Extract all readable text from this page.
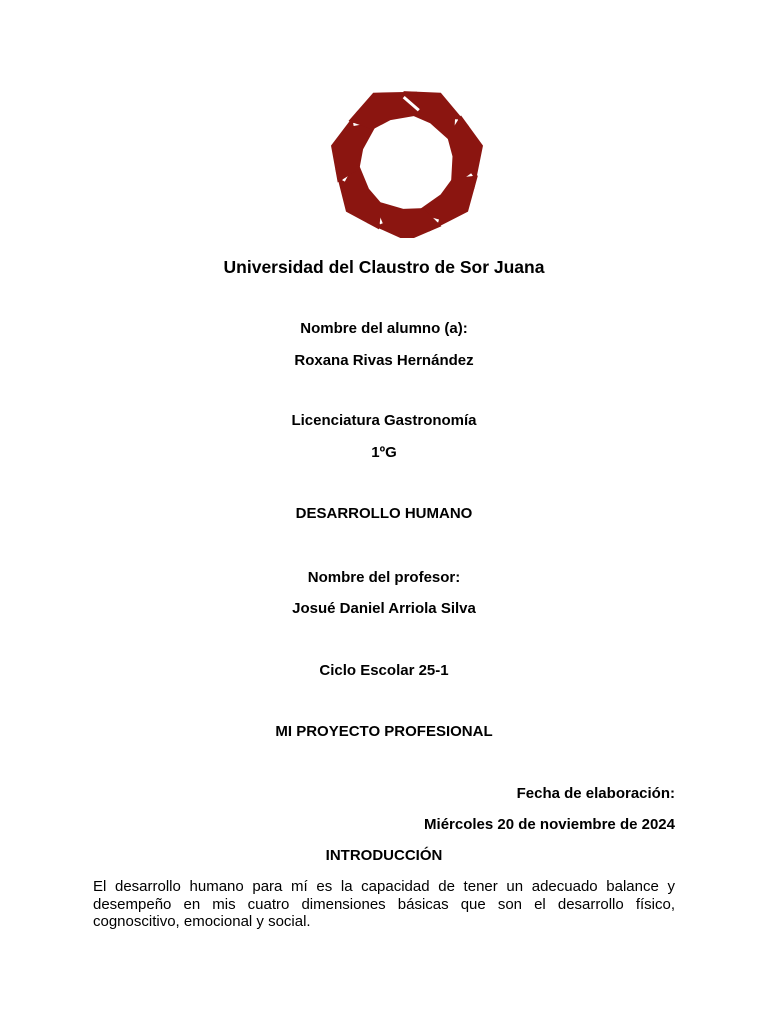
Universidad del Claustro de Sor Juana
Nombre del alumno (a):
Roxana Rivas Hernández
Licenciatura Gastronomía
1ºG
DESARROLLO HUMANO
Nombre del profesor:
Josué Daniel Arriola Silva
Ciclo Escolar 25-1
MI PROYECTO PROFESIONAL
Fecha de elaboración:
Miércoles 20 de noviembre de 2024
INTRODUCCIÓN
El desarrollo humano para mí es la capacidad de tener un adecuado balance y desempeño en mis cuatro dimensiones básicas que son el desarrollo físico, cognoscitivo, emocional y social.
